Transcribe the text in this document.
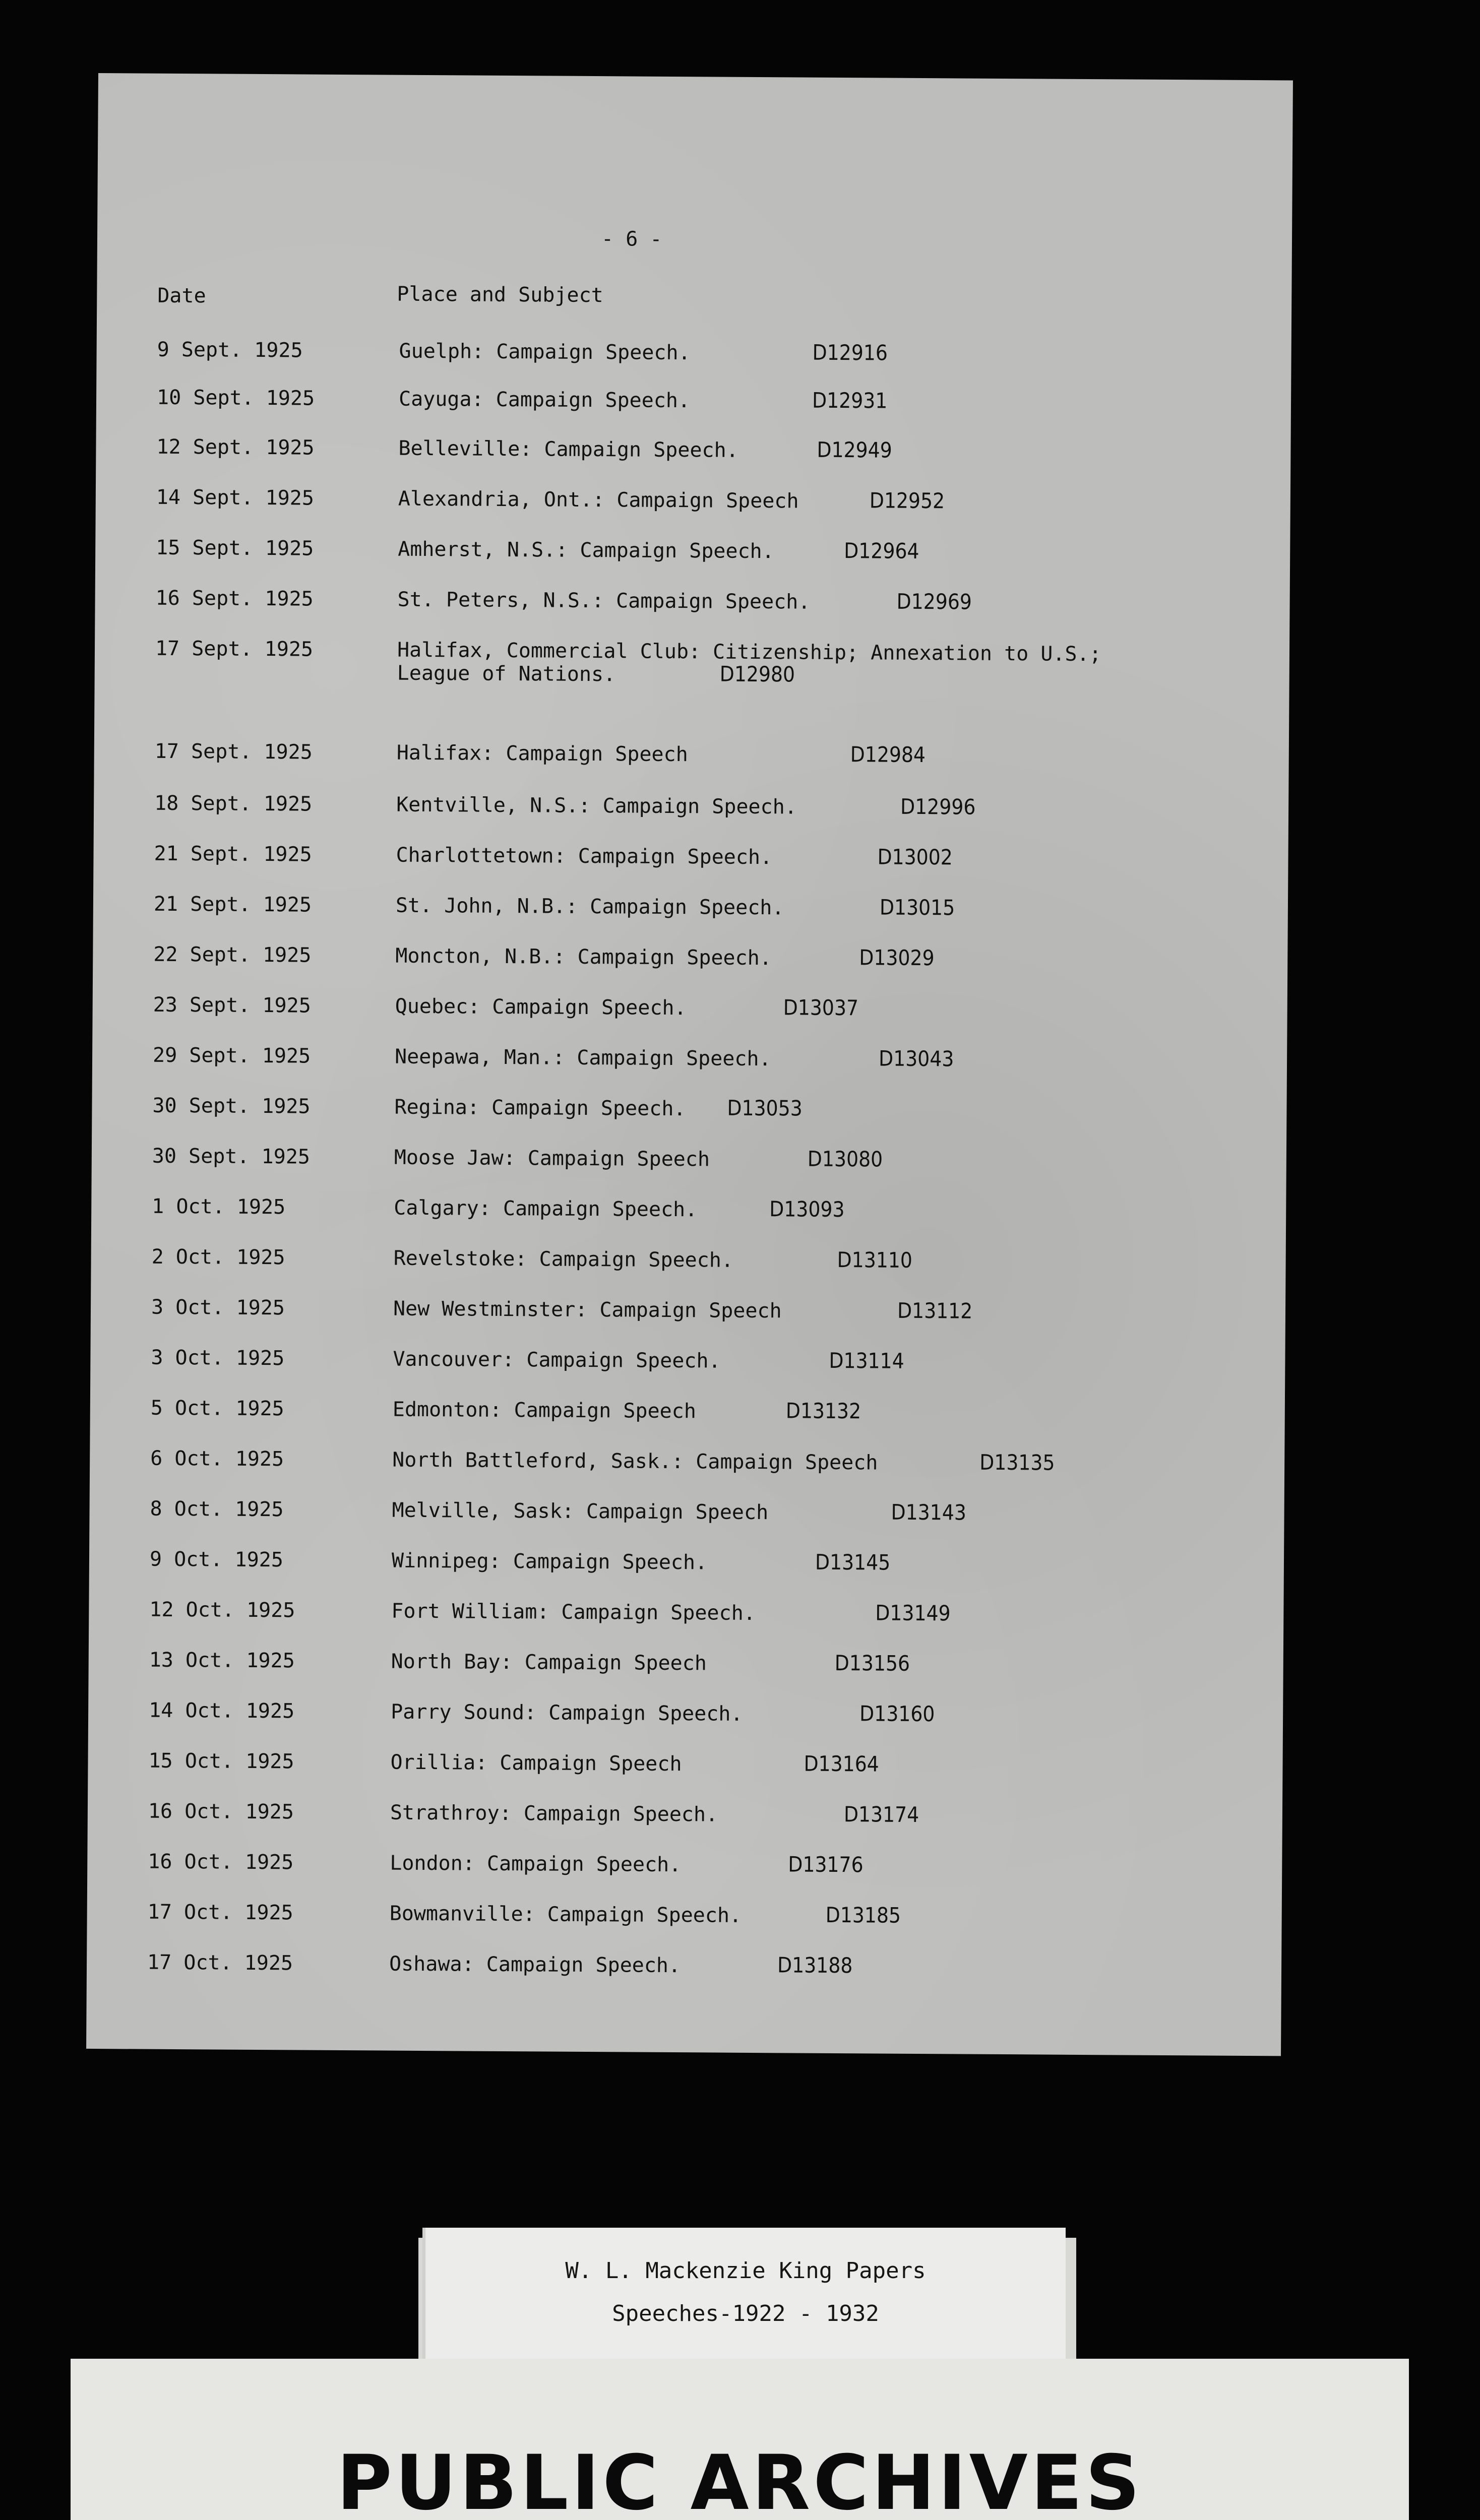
- 6 -
Date	Place and Subject
9 Sept. 1925	Guelph: Campaign Speech.	D12916
10 Sept. 1925	Cayuga: Campaign Speech.	D12931
12 Sept. 1925	Belleville: Campaign Speech.	D12949
14 Sept. 1925	Alexandria, Ont.: Campaign Speech	D12952
15 Sept. 1925	Amherst, N.S.: Campaign Speech.	D12964
16 Sept. 1925	St. Peters, N.S.: Campaign Speech.	D12969
17 Sept. 1925	Halifax, Commercial Club: Citizenship; Annexation to U.S.;
League of Nations.	D12980
17 Sept. 1925	Halifax: Campaign Speech	D12984
18 Sept. 1925	Kentville, N.S.: Campaign Speech.	D12996
21 Sept. 1925	Charlottetown: Campaign Speech.	D13002
21 Sept. 1925	St. John, N.B.: Campaign Speech.	D13015
22 Sept. 1925	Moncton, N.B.: Campaign Speech.	D13029
23 Sept. 1925	Quebec: Campaign Speech.	D13037
29 Sept. 1925	Neepawa, Man.: Campaign Speech.	D13043
30 Sept. 1925	Regina: Campaign Speech. D13053
30 Sept. 1925	Moose Jaw: Campaign Speech	D13080
1 Oct. 1925	Calgary: Campaign Speech.	D13093
2 Oct. 1925	Revelstoke: Campaign Speech.	D13110
3 Oct. 1925	New Westminster: Campaign Speech	D13112
3 Oct. 1925	Vancouver: Campaign Speech.	D13114
5 Oct. 1925	Edmonton: Campaign Speech	D13132
6 Oct. 1925	North Battleford, Sask.: Campaign Speech	D13135
8 Oct. 1925	Melville, Sask: Campaign Speech	D13143
9 Oct. 1925	Winnipeg: Campaign Speech.	D13145
12 Oct. 1925	Fort William: Campaign Speech.	D13149
13 Oct. 1925	North Bay: Campaign Speech	D13156
14 Oct. 1925	Parry Sound: Campaign Speech.	D13160
15 Oct. 1925	Orillia: Campaign Speech	D13164
16 Oct. 1925	Strathroy: Campaign Speech.	D13174
16 Oct. 1925	London: Campaign Speech.	D13176
17 Oct. 1925	Bowmanville: Campaign Speech.	D13185
17 Oct. 1925	Oshawa: Campaign Speech.	D13188
W. L. Mackenzie King Papers
Speeches-1922 - 1932
PUBLIC ARCHIVES
